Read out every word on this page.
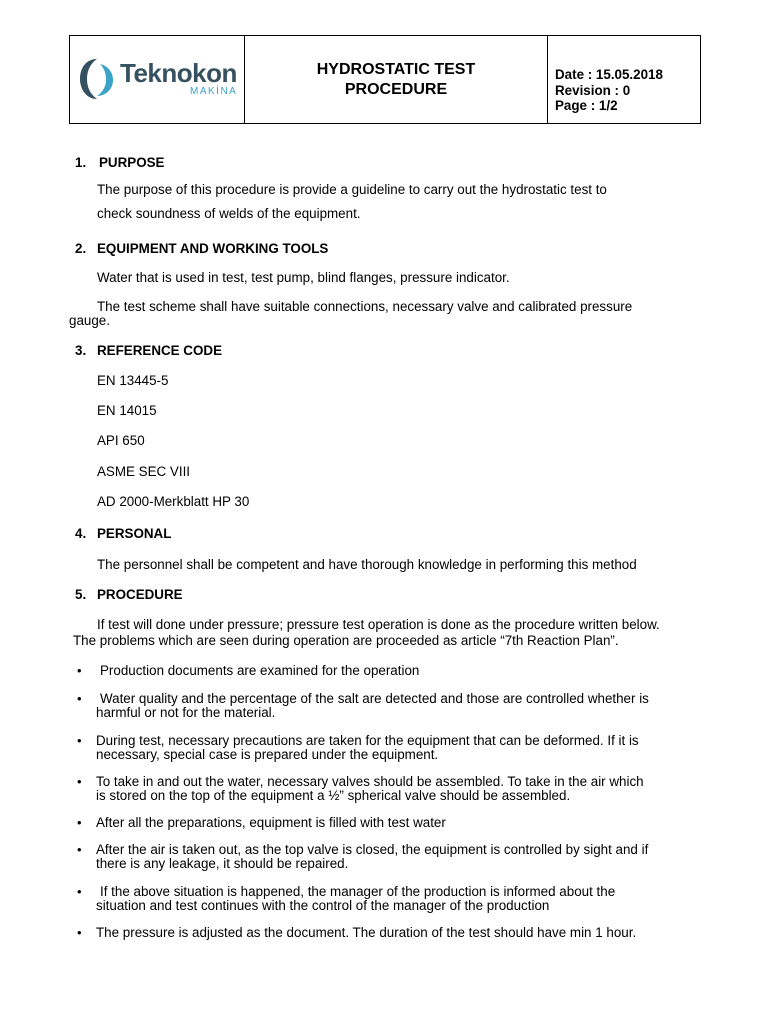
Teknokon
MAKİNA
HYDROSTATIC TEST
PROCEDURE
Date : 15.05.2018
Revision : 0
Page : 1/2
1. PURPOSE
The purpose of this procedure is provide a guideline to carry out the hydrostatic test to
check soundness of welds of the equipment.
2. EQUIPMENT AND WORKING TOOLS
Water that is used in test, test pump, blind flanges, pressure indicator.
The test scheme shall have suitable connections, necessary valve and calibrated pressure
gauge.
3. REFERENCE CODE
EN 13445-5
EN 14015
API 650
ASME SEC VIII
AD 2000-Merkblatt HP 30
4. PERSONAL
The personnel shall be competent and have thorough knowledge in performing this method
5. PROCEDURE
If test will done under pressure; pressure test operation is done as the procedure written below.
The problems which are seen during operation are proceeded as article “7th Reaction Plan”.
• Production documents are examined for the operation
• Water quality and the percentage of the salt are detected and those are controlled whether is
harmful or not for the material.
• During test, necessary precautions are taken for the equipment that can be deformed. If it is
necessary, special case is prepared under the equipment.
• To take in and out the water, necessary valves should be assembled. To take in the air which
is stored on the top of the equipment a ½” spherical valve should be assembled.
• After all the preparations, equipment is filled with test water
• After the air is taken out, as the top valve is closed, the equipment is controlled by sight and if
there is any leakage, it should be repaired.
• If the above situation is happened, the manager of the production is informed about the
situation and test continues with the control of the manager of the production
• The pressure is adjusted as the document. The duration of the test should have min 1 hour.
